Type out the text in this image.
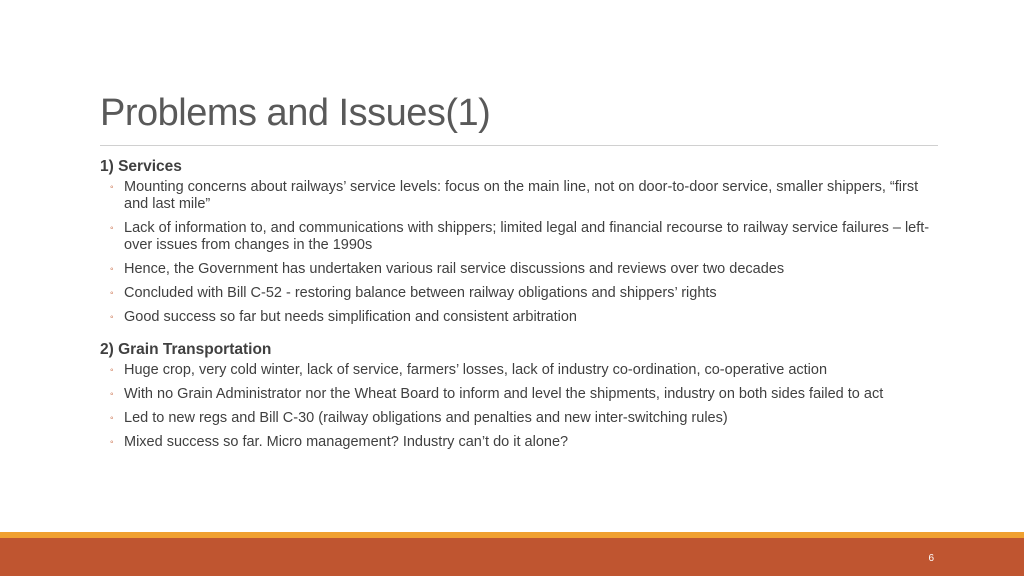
Problems and Issues(1)
1) Services
◦ Mounting concerns about railways’ service levels: focus on the main line, not on door-to-door service, smaller shippers, “first and last mile”
◦ Lack of information to, and communications with shippers; limited legal and financial recourse to railway service failures – left-over issues from changes in the 1990s
◦ Hence, the Government has undertaken various rail service discussions and reviews over two decades
◦ Concluded with Bill C-52 - restoring balance between railway obligations and shippers’ rights
◦ Good success so far but needs simplification and consistent arbitration
2) Grain Transportation
◦ Huge crop, very cold winter, lack of service, farmers’ losses, lack of industry co-ordination, co-operative action
◦ With no Grain Administrator nor the Wheat Board to inform and level the shipments, industry on both sides failed to act
◦ Led to new regs and Bill C-30 (railway obligations and penalties and new inter-switching rules)
◦ Mixed success so far. Micro management? Industry can’t do it alone?
6
